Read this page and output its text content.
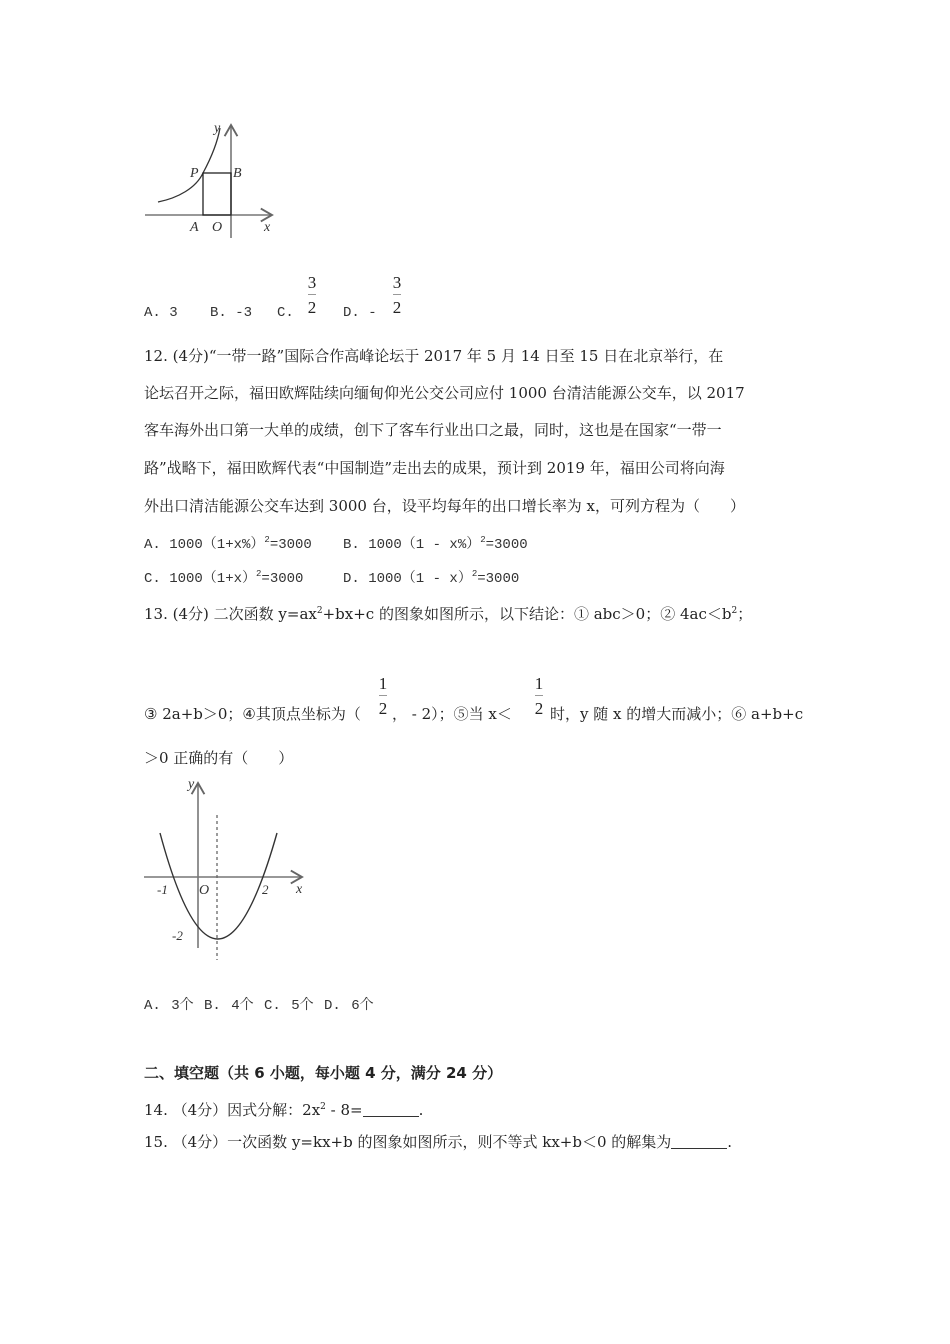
y
x
P B
A O
A. 3 B. -3 C.
3
2 D. -
3
2
12. (4分)“一带一路”国际合作高峰论坛于 2017 年 5 月 14 日至 15 日在北京举行，在
论坛召开之际，福田欧辉陆续向缅甸仰光公交公司应付 1000 台清洁能源公交车，以 2017
客车海外出口第一大单的成绩，创下了客车行业出口之最，同时，这也是在国家“一带一
路”战略下，福田欧辉代表“中国制造”走出去的成果，预计到 2019 年，福田公司将向海
外出口清洁能源公交车达到 3000 台，设平均每年的出口增长率为 x，可列方程为（　　）
A. $1000(1+x\%)^2=3000$ B. 1000（1 - x%）$^2$=3000
C. $1000(1+x)^2=3000$	D. 1000（1 - x）$^2$=3000
13. (4分) 二次函数 $y=ax^2+bx+c$ 的图象如图所示，以下结论：① abc＞0；② $4ac<b^2$；
③ 2a+b＞0；④其顶点坐标为（
1
2 ， - 2）；⑤当 x＜
1
2 时，y 随 x 的增大而减小；⑥ a+b+c
＞0 正确的有（　　）
y
x
O
-1	2
-2
A. 3个 B. 4个 C. 5个 D. 6个
二、填空题（共 6 小题，每小题 4 分，满分 24 分）
14. （4分）因式分解：$2x^2 - 8=$	.
15. （4分）一次函数 y=kx+b 的图象如图所示，则不等式 kx+b＜0 的解集为	.
